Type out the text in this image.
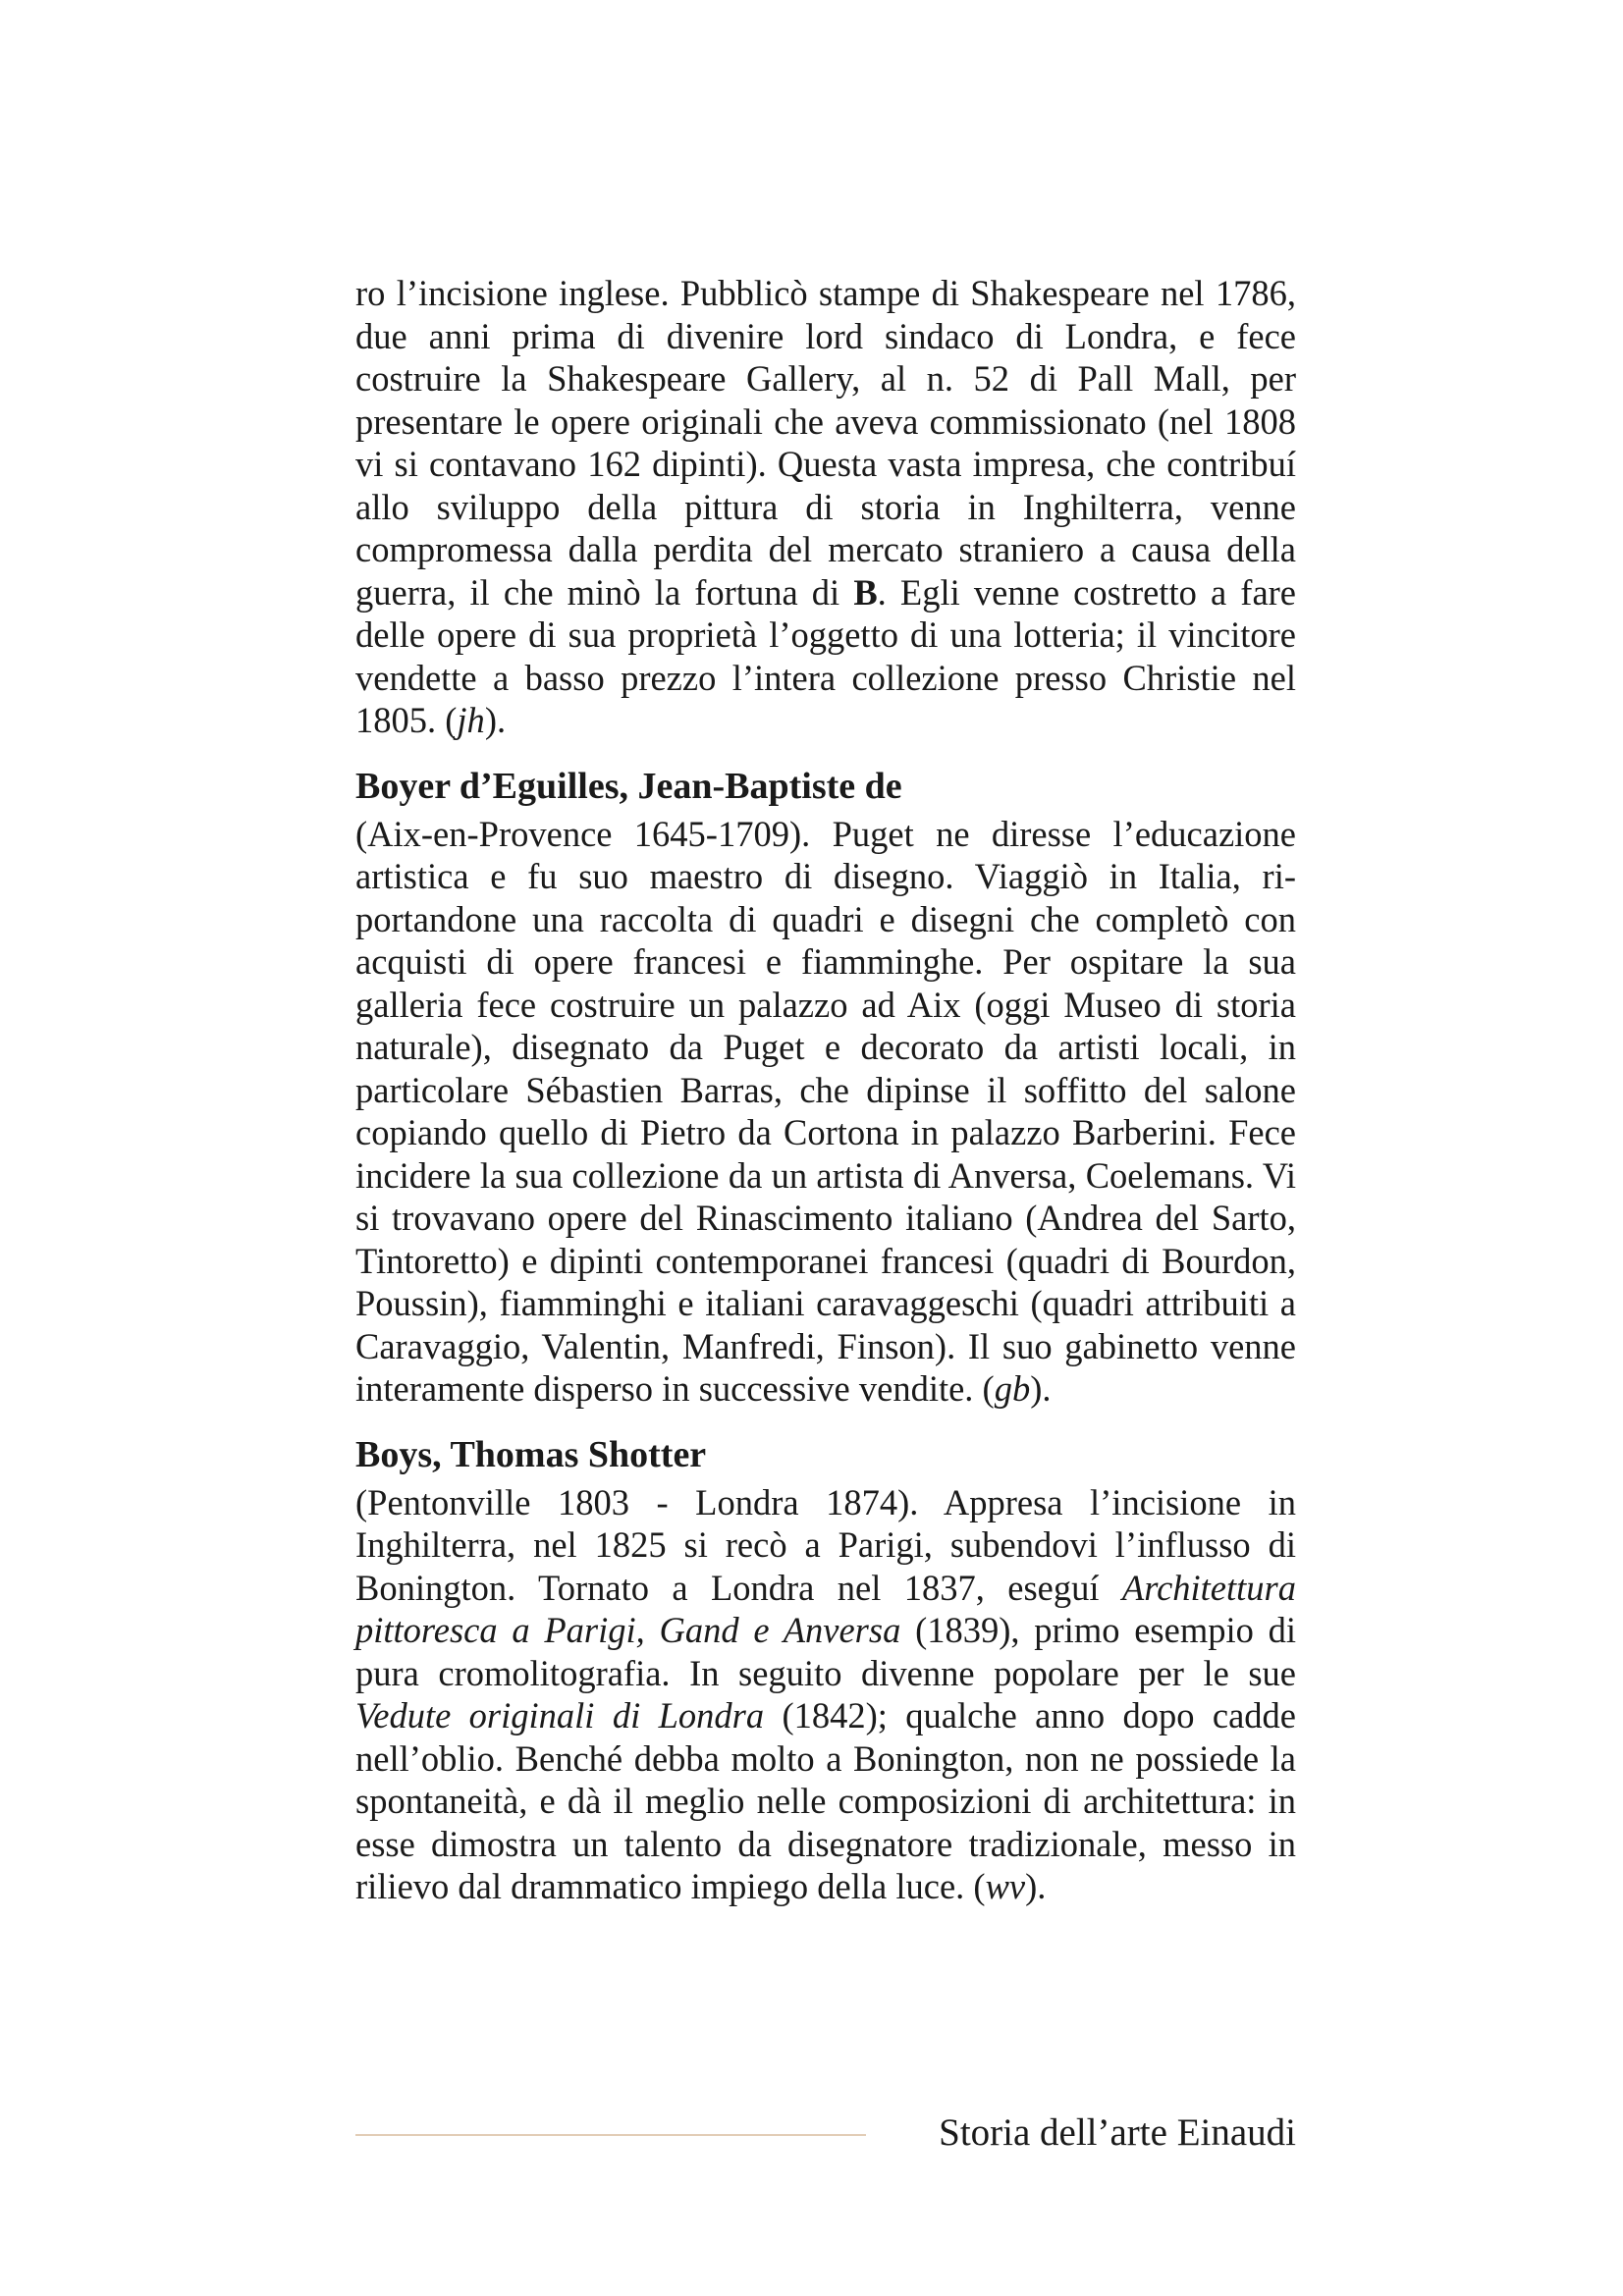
ro l’incisione inglese. Pubblicò stampe di Shakespeare nel 1786, due anni prima di divenire lord sindaco di Londra, e fece costruire la Shakespeare Gallery, al n. 52 di Pall Mall, per presentare le opere originali che aveva commissionato (nel 1808 vi si contavano 162 dipinti). Questa vasta impresa, che contribuí allo sviluppo della pittura di storia in Inghilterra, venne compromessa dalla perdita del mercato straniero a causa della guerra, il che minò la fortuna di B. Egli venne costretto a fare delle opere di sua proprietà l’oggetto di una lotteria; il vincitore vendette a basso prezzo l’intera collezione presso Christie nel 1805. (jh).

Boyer d’Eguilles, Jean-Baptiste de

(Aix-en-Provence 1645-1709). Puget ne diresse l’educazione artistica e fu suo maestro di disegno. Viaggiò in Italia, riportandone una raccolta di quadri e disegni che completò con acquisti di opere francesi e fiamminghe. Per ospitare la sua galleria fece costruire un palazzo ad Aix (oggi Museo di storia naturale), disegnato da Puget e decorato da artisti locali, in particolare Sébastien Barras, che dipinse il soffitto del salone copiando quello di Pietro da Cortona in palazzo Barberini. Fece incidere la sua collezione da un artista di Anversa, Coelemans. Vi si trovavano opere del Rinascimento italiano (Andrea del Sarto, Tintoretto) e dipinti contemporanei francesi (quadri di Bourdon, Poussin), fiamminghi e italiani caravaggeschi (quadri attribuiti a Caravaggio, Valentin, Manfredi, Finson). Il suo gabinetto venne interamente disperso in successive vendite. (gb).

Boys, Thomas Shotter

(Pentonville 1803 - Londra 1874). Appresa l’incisione in Inghilterra, nel 1825 si recò a Parigi, subendovi l’influsso di Bonington. Tornato a Londra nel 1837, eseguí Architettura pittoresca a Parigi, Gand e Anversa (1839), primo esempio di pura cromolitografia. In seguito divenne popolare per le sue Vedute originali di Londra (1842); qualche anno dopo cadde nell’oblio. Benché debba molto a Bonington, non ne possiede la spontaneità, e dà il meglio nelle composizioni di architettura: in esse dimostra un talento da disegnatore tradizionale, messo in rilievo dal drammatico impiego della luce. (wv).

Storia dell’arte Einaudi
